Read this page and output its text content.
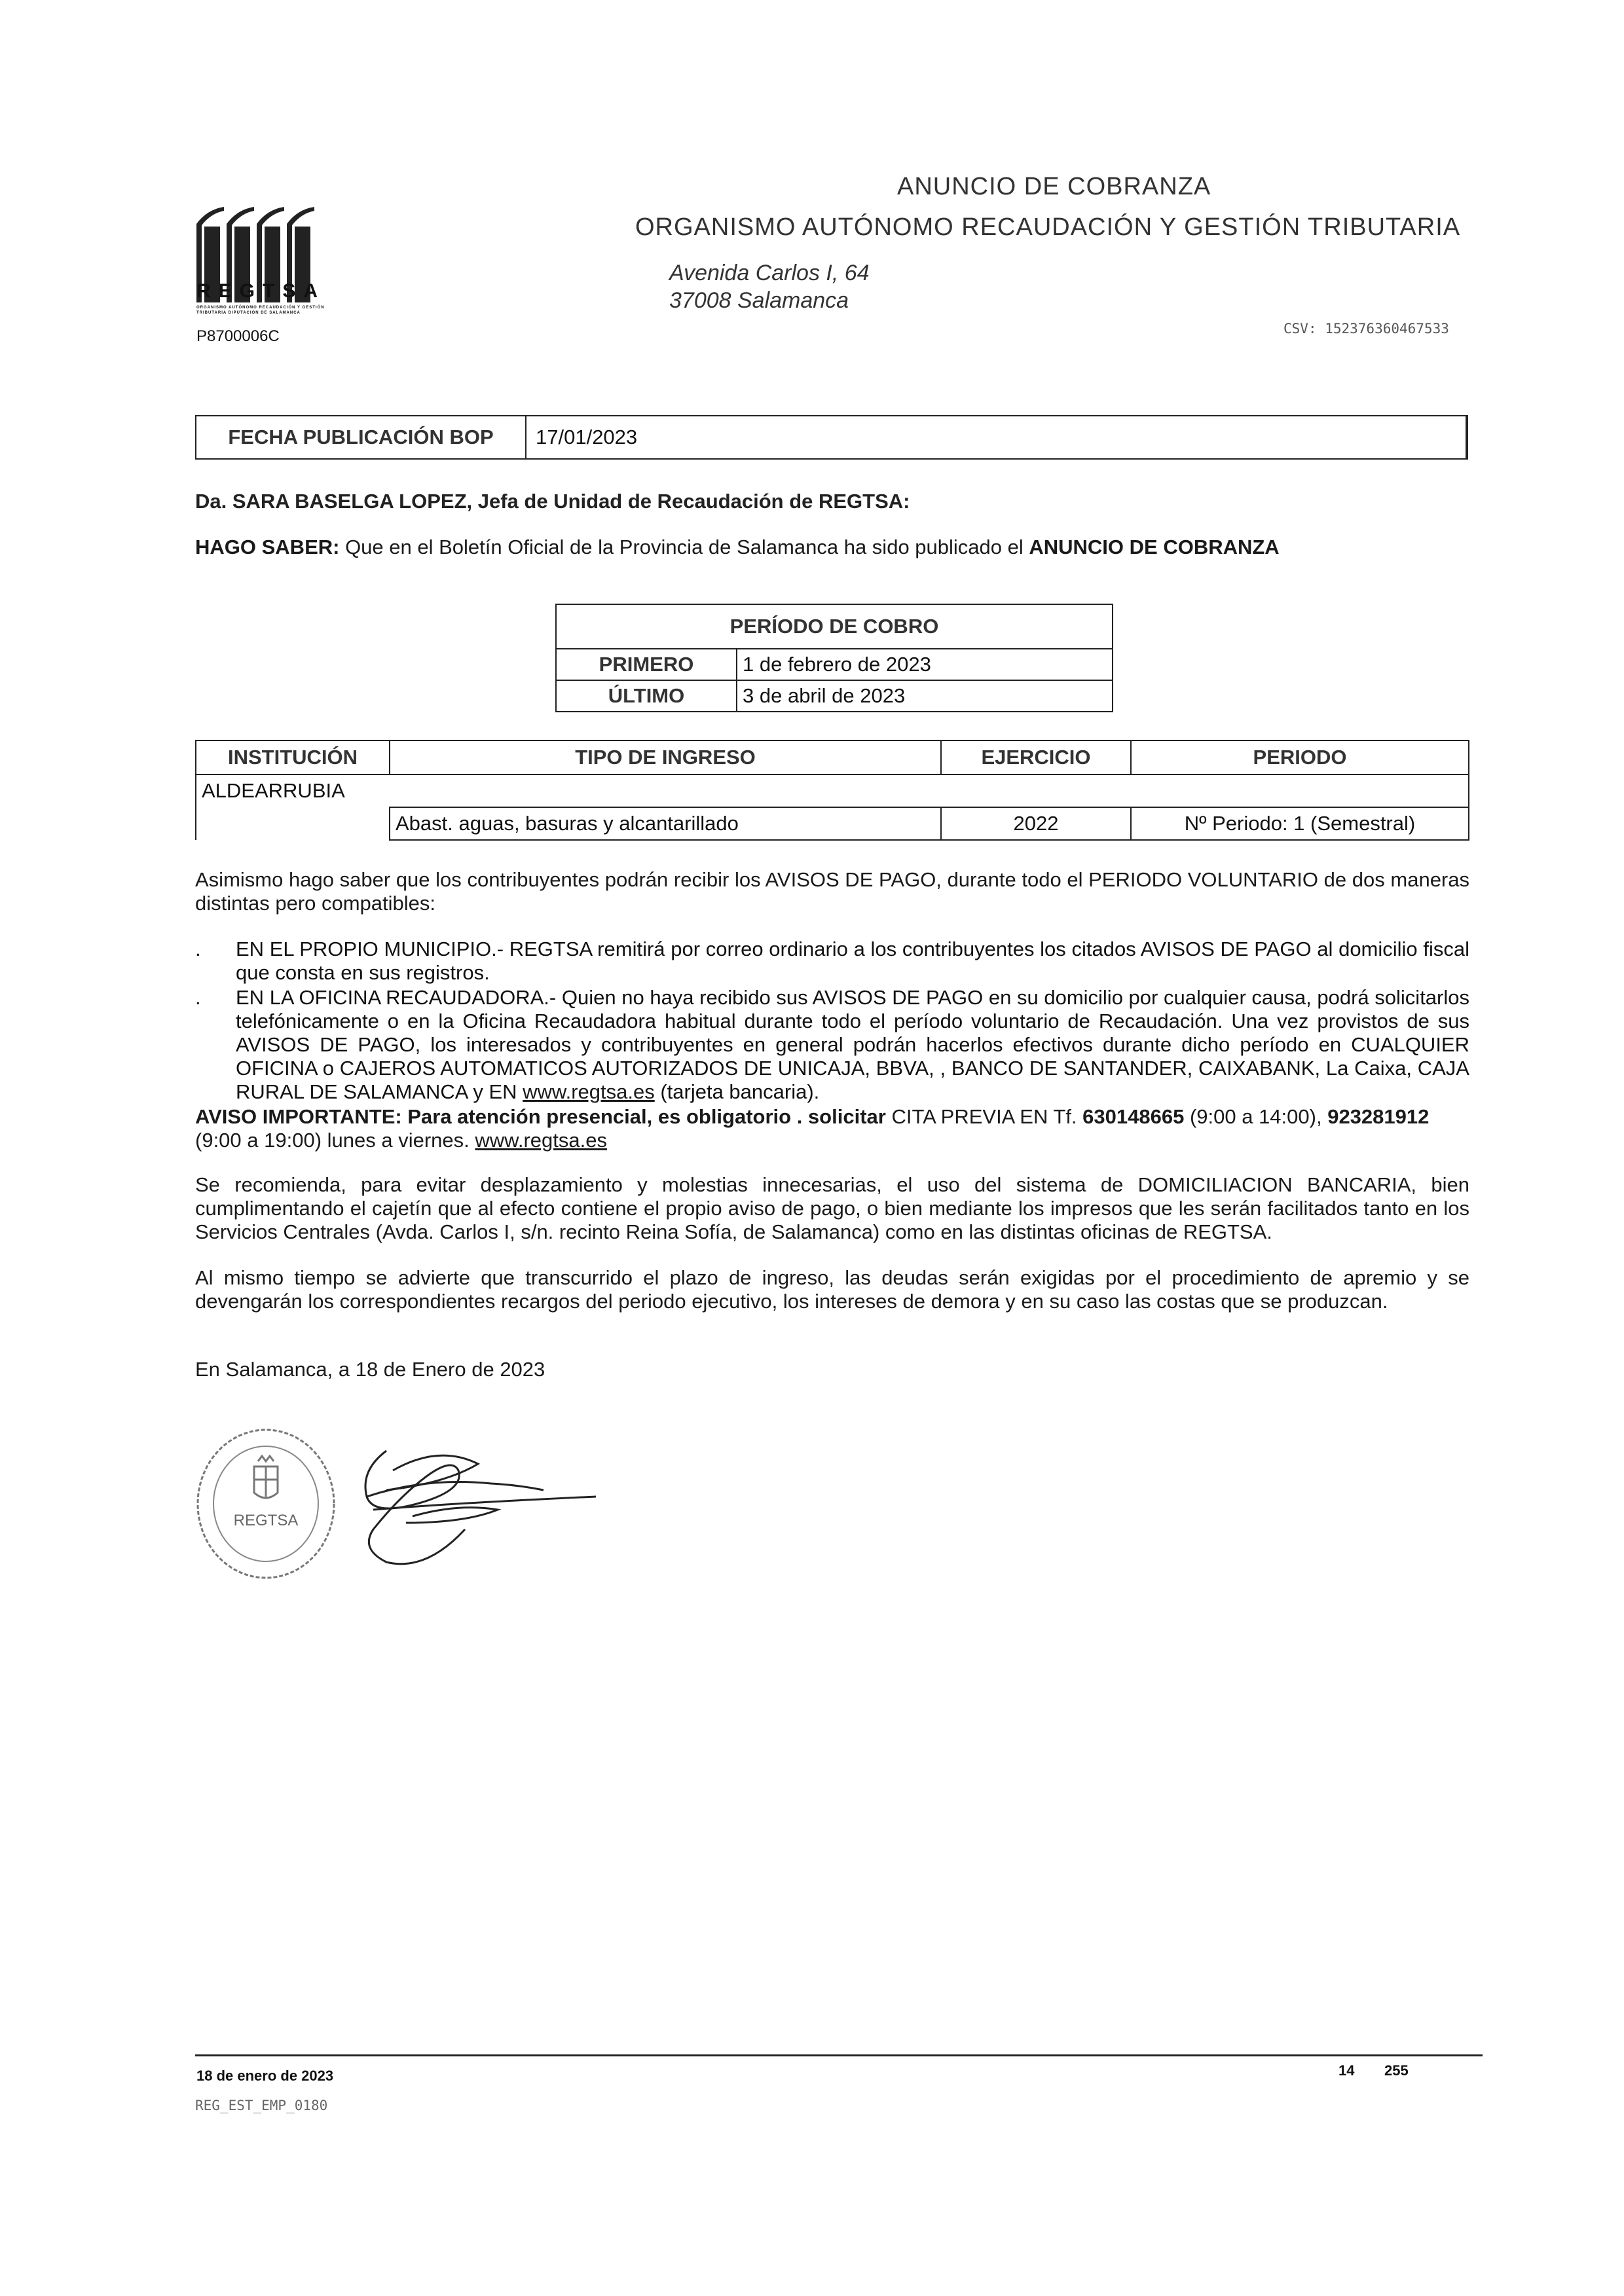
REGTSA
ORGANISMO AUTÓNOMO RECAUDACIÓN Y GESTIÓN TRIBUTARIA DIPUTACIÓN DE SALAMANCA
P8700006C
ANUNCIO DE COBRANZA
ORGANISMO AUTÓNOMO RECAUDACIÓN Y GESTIÓN TRIBUTARIA
Avenida Carlos I, 64
37008 Salamanca
CSV: 152376360467533
FECHA PUBLICACIÓN BOP	17/01/2023
Da. SARA BASELGA LOPEZ, Jefa de Unidad de Recaudación de REGTSA:
HAGO SABER: Que en el Boletín Oficial de la Provincia de Salamanca ha sido publicado el ANUNCIO DE COBRANZA
PERÍODO DE COBRO	
PRIMERO	1 de febrero de 2023
ÚLTIMO	3 de abril de 2023
INSTITUCIÓN	TIPO DE INGRESO	EJERCICIO	PERIODO
ALDEARRUBIA			
	Abast. aguas, basuras y alcantarillado	2022	Nº Periodo: 1 (Semestral)
Asimismo hago saber que los contribuyentes podrán recibir los AVISOS DE PAGO, durante todo el PERIODO VOLUNTARIO de dos maneras distintas pero compatibles:
. EN EL PROPIO MUNICIPIO.- REGTSA remitirá por correo ordinario a los contribuyentes los citados AVISOS DE PAGO al domicilio fiscal que consta en sus registros.
. EN LA OFICINA RECAUDADORA.- Quien no haya recibido sus AVISOS DE PAGO en su domicilio por cualquier causa, podrá solicitarlos telefónicamente o en la Oficina Recaudadora habitual durante todo el período voluntario de Recaudación. Una vez provistos de sus AVISOS DE PAGO, los interesados y contribuyentes en general podrán hacerlos efectivos durante dicho período en CUALQUIER OFICINA o CAJEROS AUTOMATICOS AUTORIZADOS DE UNICAJA, BBVA, , BANCO DE SANTANDER, CAIXABANK, La Caixa, CAJA RURAL DE SALAMANCA y EN www.regtsa.es (tarjeta bancaria).
AVISO IMPORTANTE: Para atención presencial, es obligatorio . solicitar CITA PREVIA EN Tf. 630148665 (9:00 a 14:00), 923281912 (9:00 a 19:00) lunes a viernes. www.regtsa.es
Se recomienda, para evitar desplazamiento y molestias innecesarias, el uso del sistema de DOMICILIACION BANCARIA, bien cumplimentando el cajetín que al efecto contiene el propio aviso de pago, o bien mediante los impresos que les serán facilitados tanto en los Servicios Centrales (Avda. Carlos I, s/n. recinto Reina Sofía, de Salamanca) como en las distintas oficinas de REGTSA.
Al mismo tiempo se advierte que transcurrido el plazo de ingreso, las deudas serán exigidas por el procedimiento de apremio y se devengarán los correspondientes recargos del periodo ejecutivo, los intereses de demora y en su caso las costas que se produzcan.
En Salamanca, a 18 de Enero de 2023
REGTSA
18 de enero de 2023	14 255
REG_EST_EMP_0180
